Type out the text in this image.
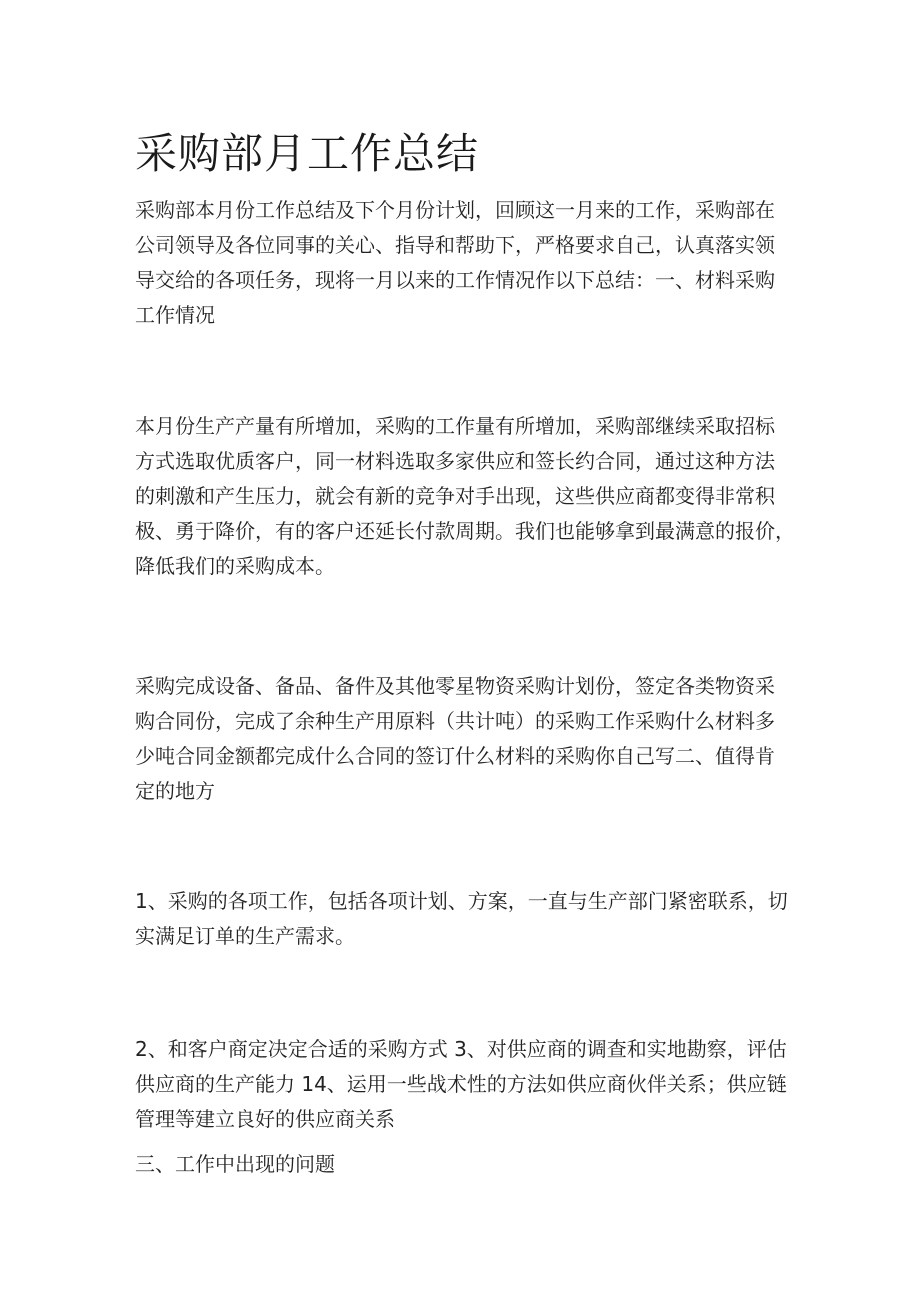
采购部月工作总结
采购部本月份工作总结及下个月份计划，回顾这一月来的工作，采购部在
公司领导及各位同事的关心、指导和帮助下，严格要求自己，认真落实领
导交给的各项任务，现将一月以来的工作情况作以下总结：一、材料采购
工作情况
本月份生产产量有所增加，采购的工作量有所增加，采购部继续采取招标
方式选取优质客户，同一材料选取多家供应和签长约合同，通过这种方法
的刺激和产生压力，就会有新的竞争对手出现，这些供应商都变得非常积
极、勇于降价，有的客户还延长付款周期。我们也能够拿到最满意的报价，
降低我们的采购成本。
采购完成设备、备品、备件及其他零星物资采购计划份，签定各类物资采
购合同份，完成了余种生产用原料（共计吨）的采购工作采购什么材料多
少吨合同金额都完成什么合同的签订什么材料的采购你自己写二、值得肯
定的地方
1、采购的各项工作，包括各项计划、方案，一直与生产部门紧密联系，切
实满足订单的生产需求。
2、和客户商定决定合适的采购方式 3、对供应商的调查和实地勘察，评估
供应商的生产能力 14、运用一些战术性的方法如供应商伙伴关系；供应链
管理等建立良好的供应商关系
三、工作中出现的问题
